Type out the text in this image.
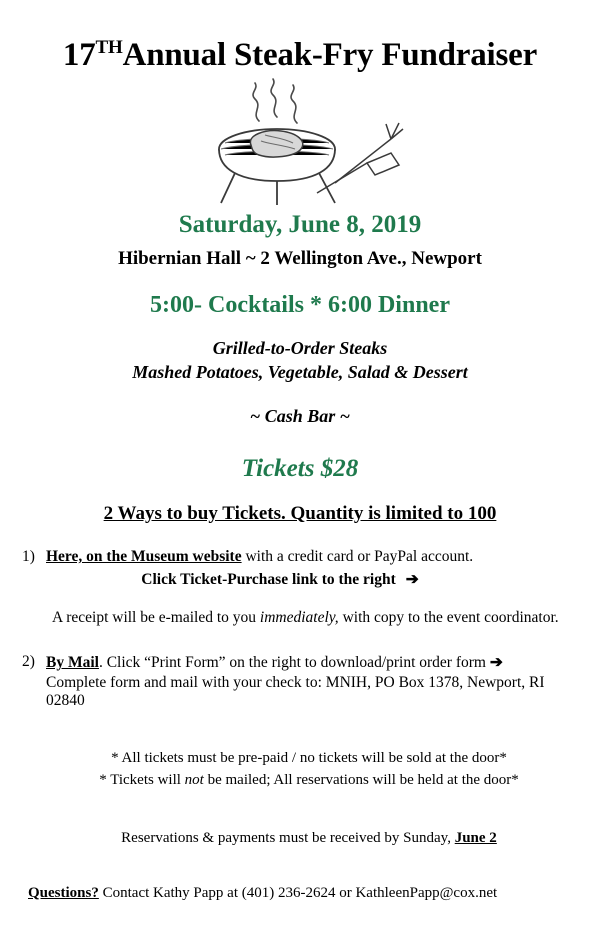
17THAnnual Steak-Fry Fundraiser
Saturday, June 8, 2019
Hibernian Hall ~ 2 Wellington Ave., Newport
5:00- Cocktails * 6:00 Dinner
Grilled-to-Order Steaks
Mashed Potatoes, Vegetable, Salad & Dessert
~ Cash Bar ~
Tickets $28
2 Ways to buy Tickets. Quantity is limited to 100
1) Here, on the Museum website with a credit card or PayPal account.
Click Ticket-Purchase link to the right ➔
A receipt will be e-mailed to you immediately, with copy to the event coordinator.
2) By Mail. Click “Print Form” on the right to download/print order form ➔
Complete form and mail with your check to: MNIH, PO Box 1378, Newport, RI 02840
* All tickets must be pre-paid / no tickets will be sold at the door*
* Tickets will not be mailed; All reservations will be held at the door*
Reservations & payments must be received by Sunday, June 2
Questions? Contact Kathy Papp at (401) 236-2624 or KathleenPapp@cox.net
